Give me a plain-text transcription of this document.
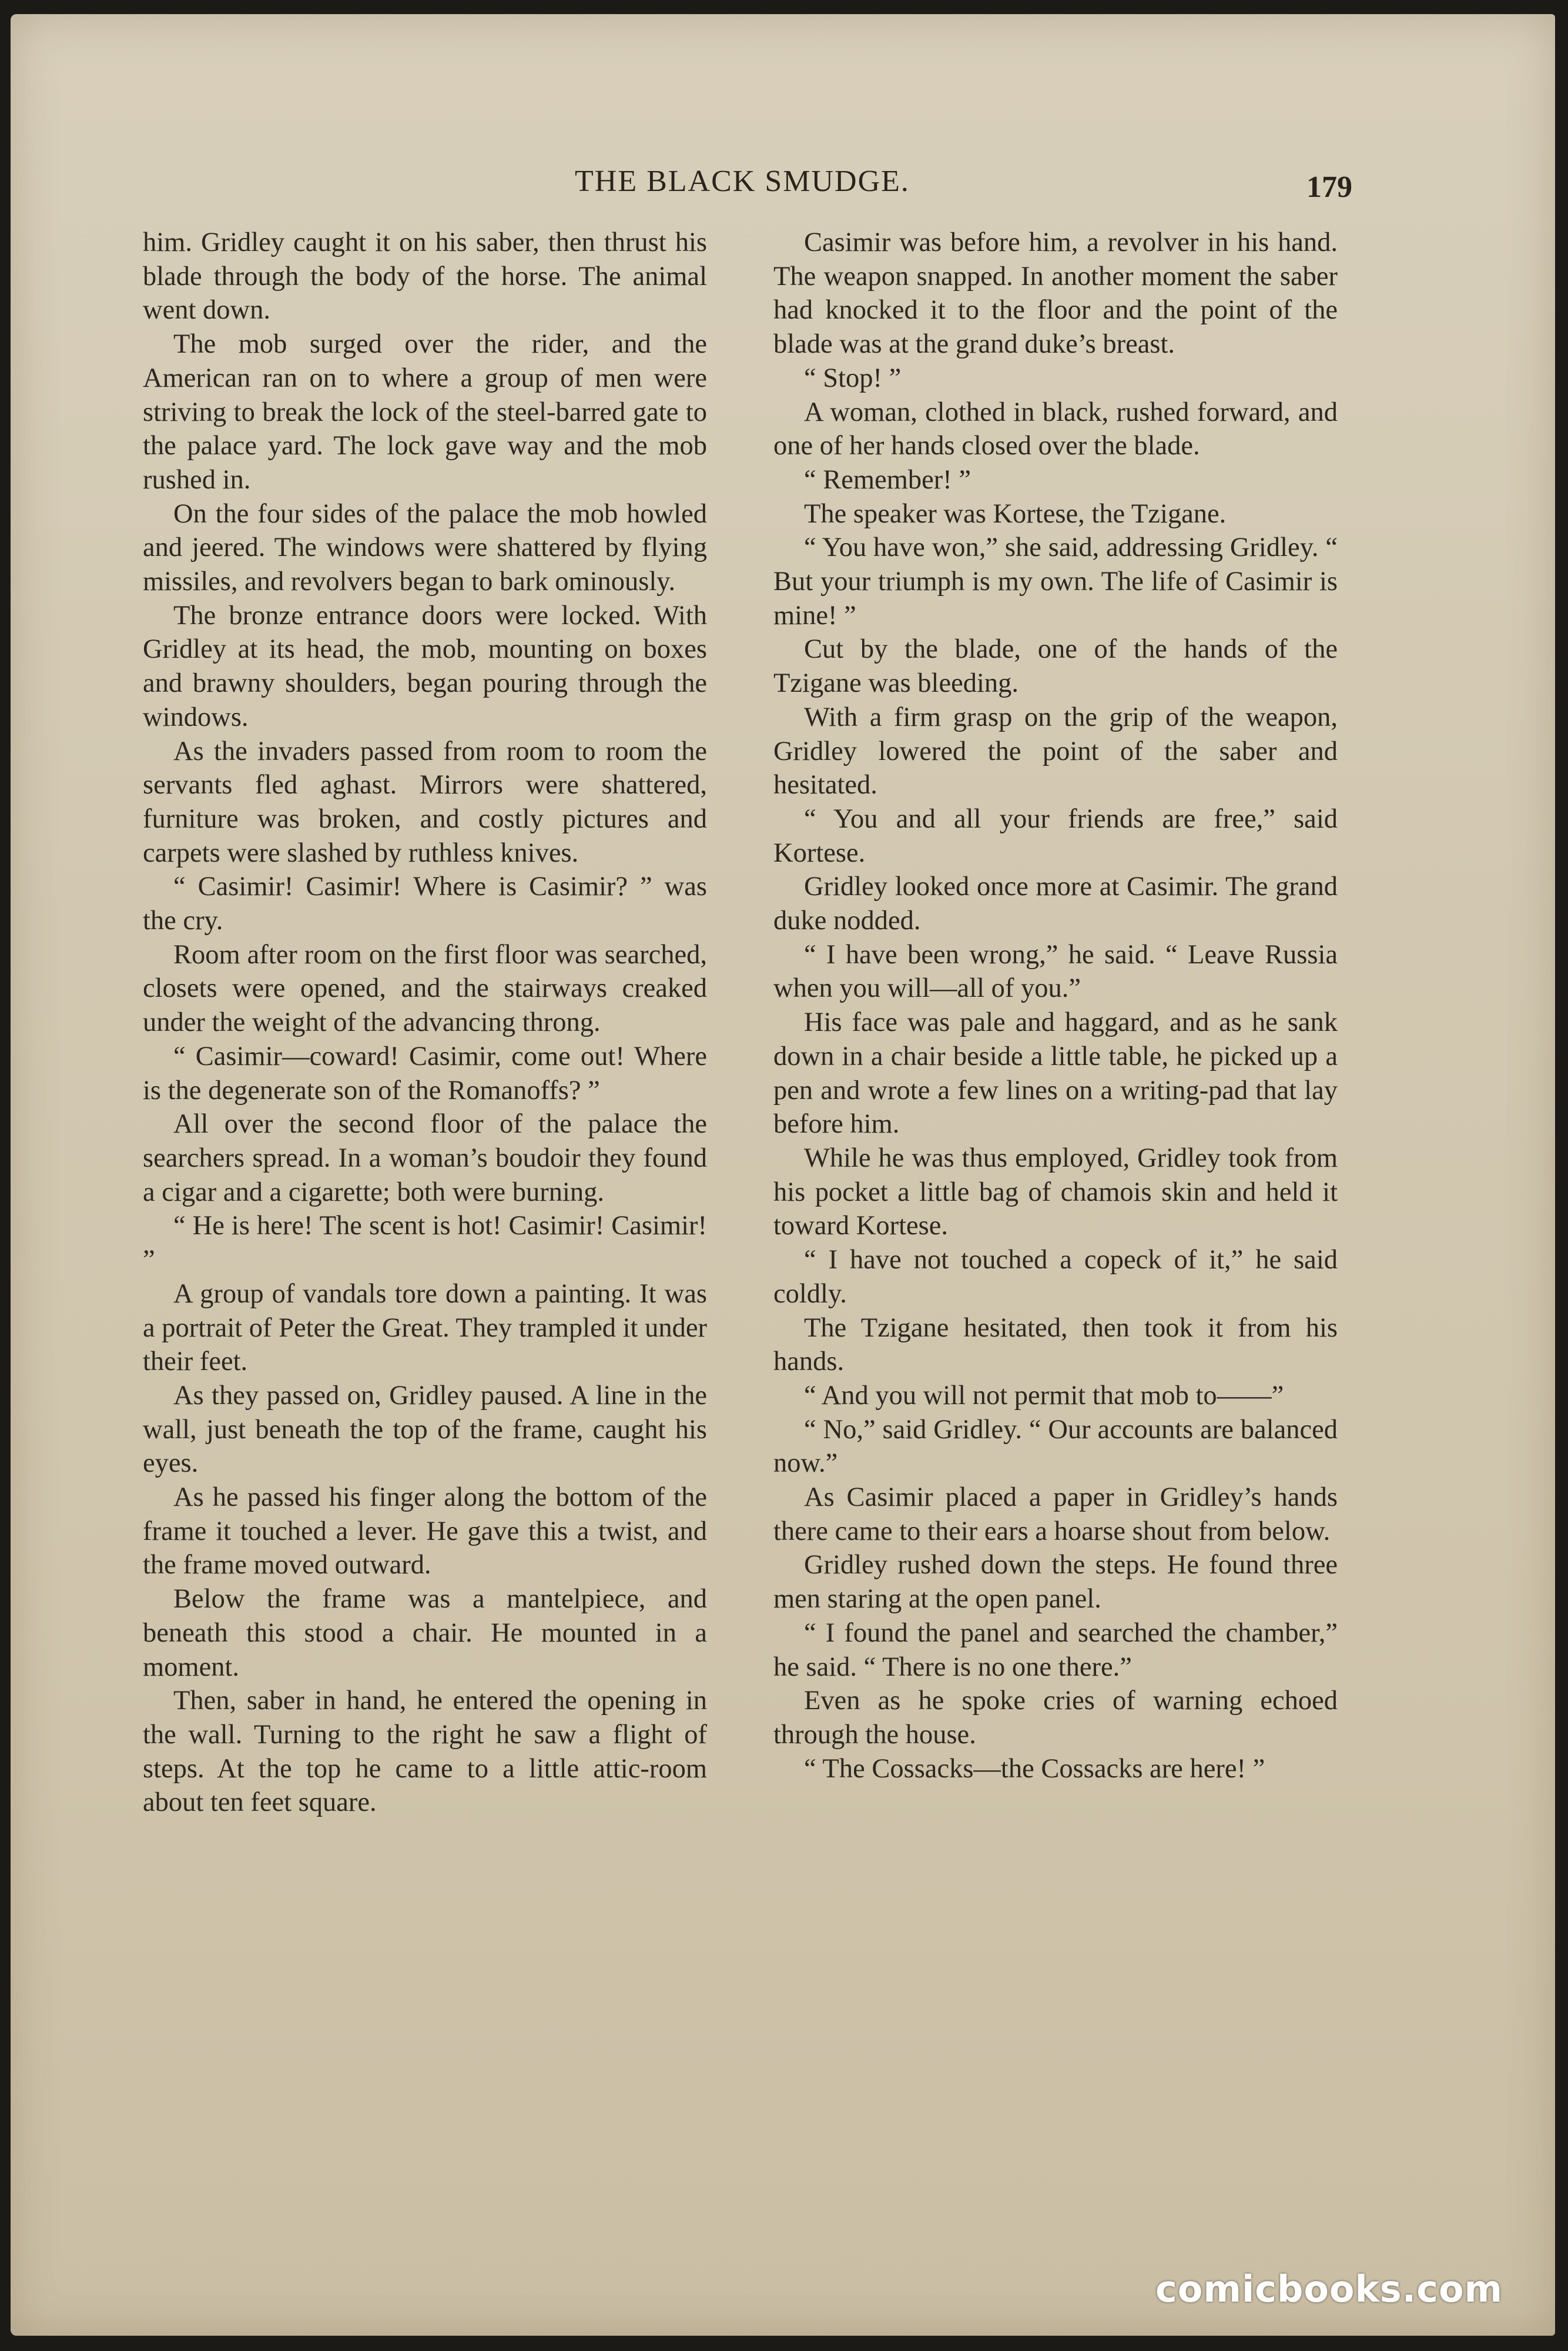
THE BLACK SMUDGE.	179

him. Gridley caught it on his saber, then thrust his blade through the body of the horse. The animal went down.

The mob surged over the rider, and the American ran on to where a group of men were striving to break the lock of the steel-barred gate to the palace yard. The lock gave way and the mob rushed in.

On the four sides of the palace the mob howled and jeered. The windows were shattered by flying missiles, and revolvers began to bark ominously.

The bronze entrance doors were locked. With Gridley at its head, the mob, mounting on boxes and brawny shoulders, began pouring through the windows.

As the invaders passed from room to room the servants fled aghast. Mirrors were shattered, furniture was broken, and costly pictures and carpets were slashed by ruthless knives.

“ Casimir! Casimir! Where is Casimir? ” was the cry.

Room after room on the first floor was searched, closets were opened, and the stairways creaked under the weight of the advancing throng.

“ Casimir—coward! Casimir, come out! Where is the degenerate son of the Romanoffs? ”

All over the second floor of the palace the searchers spread. In a woman’s boudoir they found a cigar and a cigarette; both were burning.

“ He is here! The scent is hot! Casimir! Casimir! ”

A group of vandals tore down a painting. It was a portrait of Peter the Great. They trampled it under their feet.

As they passed on, Gridley paused. A line in the wall, just beneath the top of the frame, caught his eyes.

As he passed his finger along the bottom of the frame it touched a lever. He gave this a twist, and the frame moved outward.

Below the frame was a mantelpiece, and beneath this stood a chair. He mounted in a moment.

Then, saber in hand, he entered the opening in the wall. Turning to the right he saw a flight of steps. At the top he came to a little attic-room about ten feet square.

Casimir was before him, a revolver in his hand. The weapon snapped. In another moment the saber had knocked it to the floor and the point of the blade was at the grand duke’s breast.

“ Stop! ”

A woman, clothed in black, rushed forward, and one of her hands closed over the blade.

“ Remember! ”

The speaker was Kortese, the Tzigane.

“ You have won,” she said, addressing Gridley. “ But your triumph is my own. The life of Casimir is mine! ”

Cut by the blade, one of the hands of the Tzigane was bleeding.

With a firm grasp on the grip of the weapon, Gridley lowered the point of the saber and hesitated.

“ You and all your friends are free,” said Kortese.

Gridley looked once more at Casimir. The grand duke nodded.

“ I have been wrong,” he said. “ Leave Russia when you will—all of you.”

His face was pale and haggard, and as he sank down in a chair beside a little table, he picked up a pen and wrote a few lines on a writing-pad that lay before him.

While he was thus employed, Gridley took from his pocket a little bag of chamois skin and held it toward Kortese.

“ I have not touched a copeck of it,” he said coldly.

The Tzigane hesitated, then took it from his hands.

“ And you will not permit that mob to——”

“ No,” said Gridley. “ Our accounts are balanced now.”

As Casimir placed a paper in Gridley’s hands there came to their ears a hoarse shout from below.

Gridley rushed down the steps. He found three men staring at the open panel.

“ I found the panel and searched the chamber,” he said. “ There is no one there.”

Even as he spoke cries of warning echoed through the house.

“ The Cossacks—the Cossacks are here! ”

comicbooks.com
